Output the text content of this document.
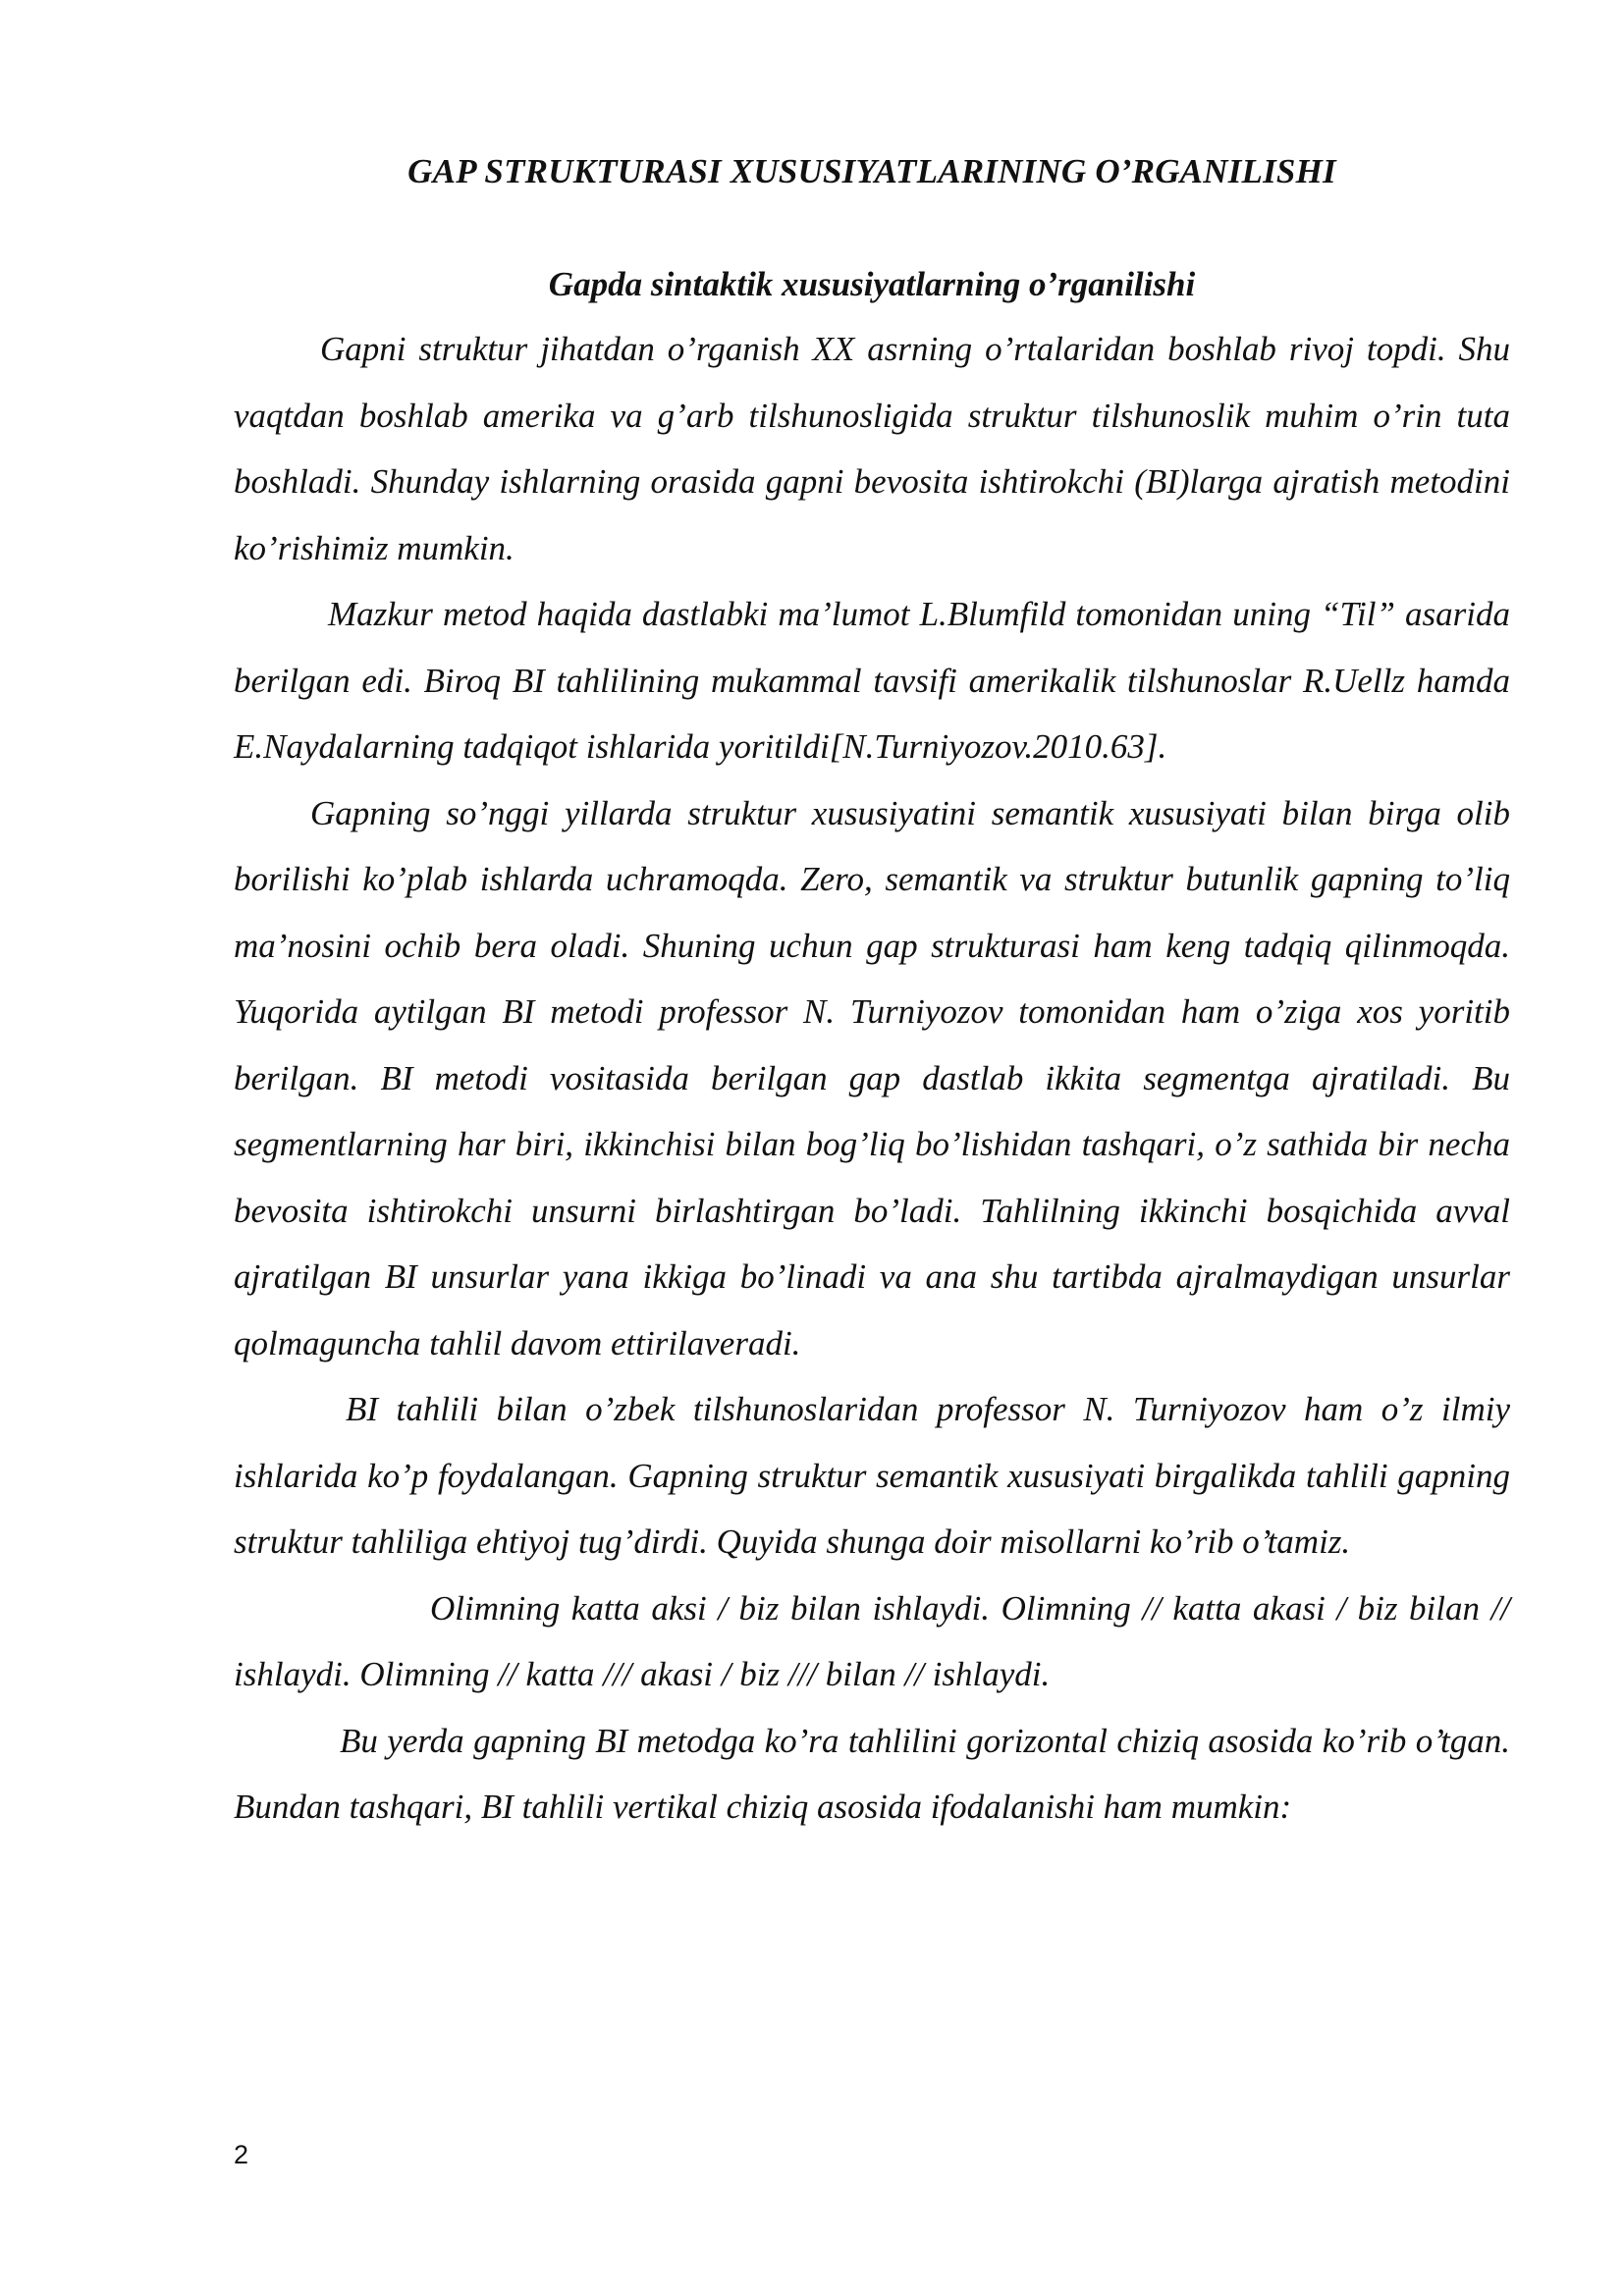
GAP STRUKTURASI XUSUSIYATLARINING O’RGANILISHI
Gapda sintaktik xususiyatlarning o’rganilishi

Gapni struktur jihatdan o’rganish XX asrning o’rtalaridan boshlab rivoj topdi. Shu vaqtdan boshlab amerika va g’arb tilshunosligida struktur tilshunoslik muhim o’rin tuta boshladi. Shunday ishlarning orasida gapni bevosita ishtirokchi (BI)larga ajratish metodini ko’rishimiz mumkin.

Mazkur metod haqida dastlabki ma’lumot L.Blumfild tomonidan uning “Til” asarida berilgan edi. Biroq BI tahlilining mukammal tavsifi amerikalik tilshunoslar R.Uellz hamda E.Naydalarning tadqiqot ishlarida yoritildi[N.Turniyozov.2010.63].

Gapning so’nggi yillarda struktur xususiyatini semantik xususiyati bilan birga olib borilishi ko’plab ishlarda uchramoqda. Zero, semantik va struktur butunlik gapning to’liq ma’nosini ochib bera oladi. Shuning uchun gap strukturasi ham keng tadqiq qilinmoqda. Yuqorida aytilgan BI metodi professor N. Turniyozov tomonidan ham o’ziga xos yoritib berilgan. BI metodi vositasida berilgan gap dastlab ikkita segmentga ajratiladi. Bu segmentlarning har biri, ikkinchisi bilan bog’liq bo’lishidan tashqari, o’z sathida bir necha bevosita ishtirokchi unsurni birlashtirgan bo’ladi. Tahlilning ikkinchi bosqichida avval ajratilgan BI unsurlar yana ikkiga bo’linadi va ana shu tartibda ajralmaydigan unsurlar qolmaguncha tahlil davom ettirilaveradi.

BI tahlili bilan o’zbek tilshunoslaridan professor N. Turniyozov ham o’z ilmiy ishlarida ko’p foydalangan. Gapning struktur semantik xususiyati birgalikda tahlili gapning struktur tahliliga ehtiyoj tug’dirdi. Quyida shunga doir misollarni ko’rib o’tamiz.

Olimning katta aksi / biz bilan ishlaydi. Olimning // katta akasi / biz bilan // ishlaydi. Olimning // katta /// akasi / biz /// bilan // ishlaydi.

Bu yerda gapning BI metodga ko’ra tahlilini gorizontal chiziq asosida ko’rib o’tgan. Bundan tashqari, BI tahlili vertikal chiziq asosida ifodalanishi ham mumkin:

2
